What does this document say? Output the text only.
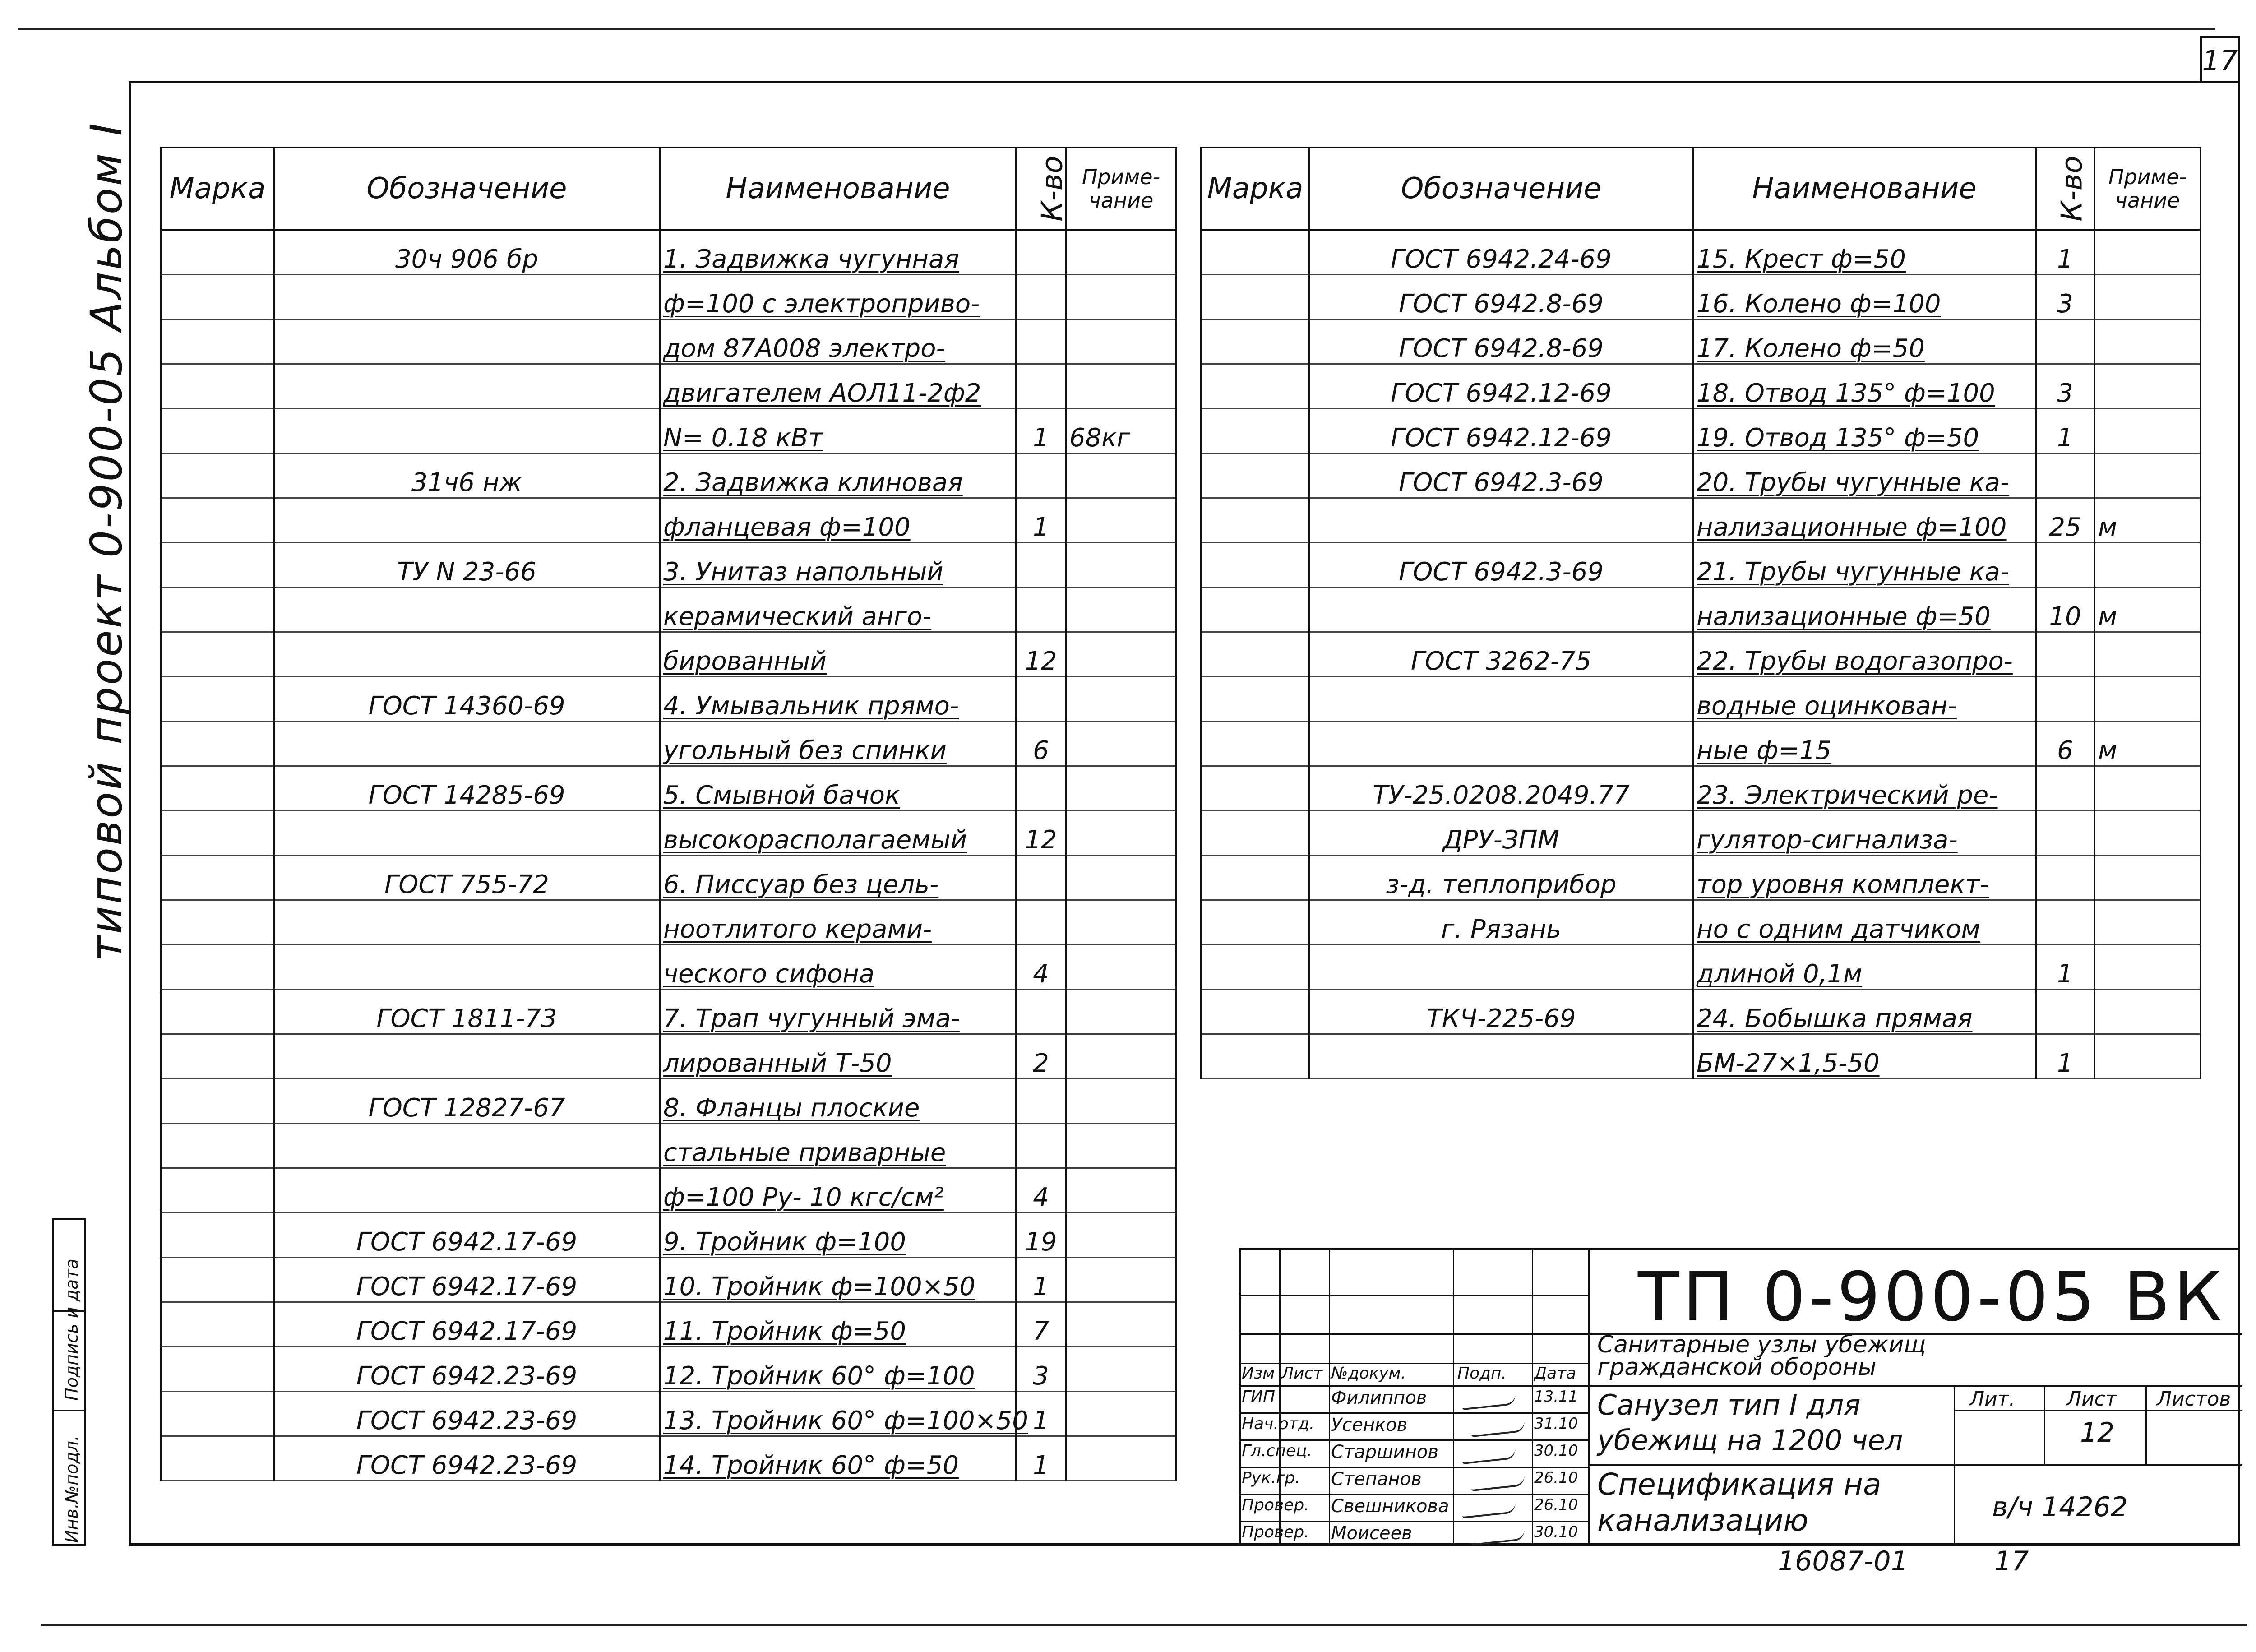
17
типовой проект 0-900-05 Альбом I
Подпись и дата
Инв.№подл.
Марка	Обозначение	Наименование	К-во	Приме-
чание
	30ч 906 бр	1. Задвижка чугунная		
		ф=100 с электроприво-		
		дом 87А008 электро-		
		двигателем АОЛ11-2ф2		
		N= 0.18 кВт	1	68кг
	31ч6 нж	2. Задвижка клиновая		
		фланцевая ф=100	1	
	ТУ N 23-66	3. Унитаз напольный		
		керамический анго-		
		бированный	12	
	ГОСТ 14360-69	4. Умывальник прямо-		
		угольный без спинки	6	
	ГОСТ 14285-69	5. Смывной бачок		
		высокорасполагаемый	12	
	ГОСТ 755-72	6. Писсуар без цель-		
		ноотлитого керами-		
		ческого сифона	4	
	ГОСТ 1811-73	7. Трап чугунный эма-		
		лированный Т-50	2	
	ГОСТ 12827-67	8. Фланцы плоские		
		стальные приварные		
		ф=100 Ру- 10 кгс/см²	4	
	ГОСТ 6942.17-69	9. Тройник ф=100	19	
	ГОСТ 6942.17-69	10. Тройник ф=100×50	1	
	ГОСТ 6942.17-69	11. Тройник ф=50	7	
	ГОСТ 6942.23-69	12. Тройник 60° ф=100	3	
	ГОСТ 6942.23-69	13. Тройник 60° ф=100×50	1	
	ГОСТ 6942.23-69	14. Тройник 60° ф=50	1	
Марка	Обозначение	Наименование	К-во	Приме-
чание
	ГОСТ 6942.24-69	15. Крест ф=50	1	
	ГОСТ 6942.8-69	16. Колено ф=100	3	
	ГОСТ 6942.8-69	17. Колено ф=50		
	ГОСТ 6942.12-69	18. Отвод 135° ф=100	3	
	ГОСТ 6942.12-69	19. Отвод 135° ф=50	1	
	ГОСТ 6942.3-69	20. Трубы чугунные ка-		
		нализационные ф=100	25	м
	ГОСТ 6942.3-69	21. Трубы чугунные ка-		
		нализационные ф=50	10	м
	ГОСТ 3262-75	22. Трубы водогазопро-		
		водные оцинкован-		
		ные ф=15	6	м
	ТУ-25.0208.2049.77	23. Электрический ре-		
	ДРУ-ЗПМ	гулятор-сигнализа-		
	з-д. теплоприбор	тор уровня комплект-		
	г. Рязань	но с одним датчиком		
		длиной 0,1м	1	
	ТКЧ-225-69	24. Бобышка прямая		
		БМ-27×1,5-50	1	
ТП 0-900-05 ВК
Санитарные узлы убежищ гражданской обороны
Санузел тип I для убежищ на 1200 чел
Спецификация на канализацию
Лит.	Лист Листов
12
в/ч 14262
Изм Лист №докум.	Подп. Дата
ГИП	Филиппов	13.11
Нач.отд. Усенков	31.10
Гл.спец. Старшинов	30.10
Рук.гр. Степанов	26.10
Провер. Свешникова	26.10
Провер. Моисеев	30.10
16087-01	17
